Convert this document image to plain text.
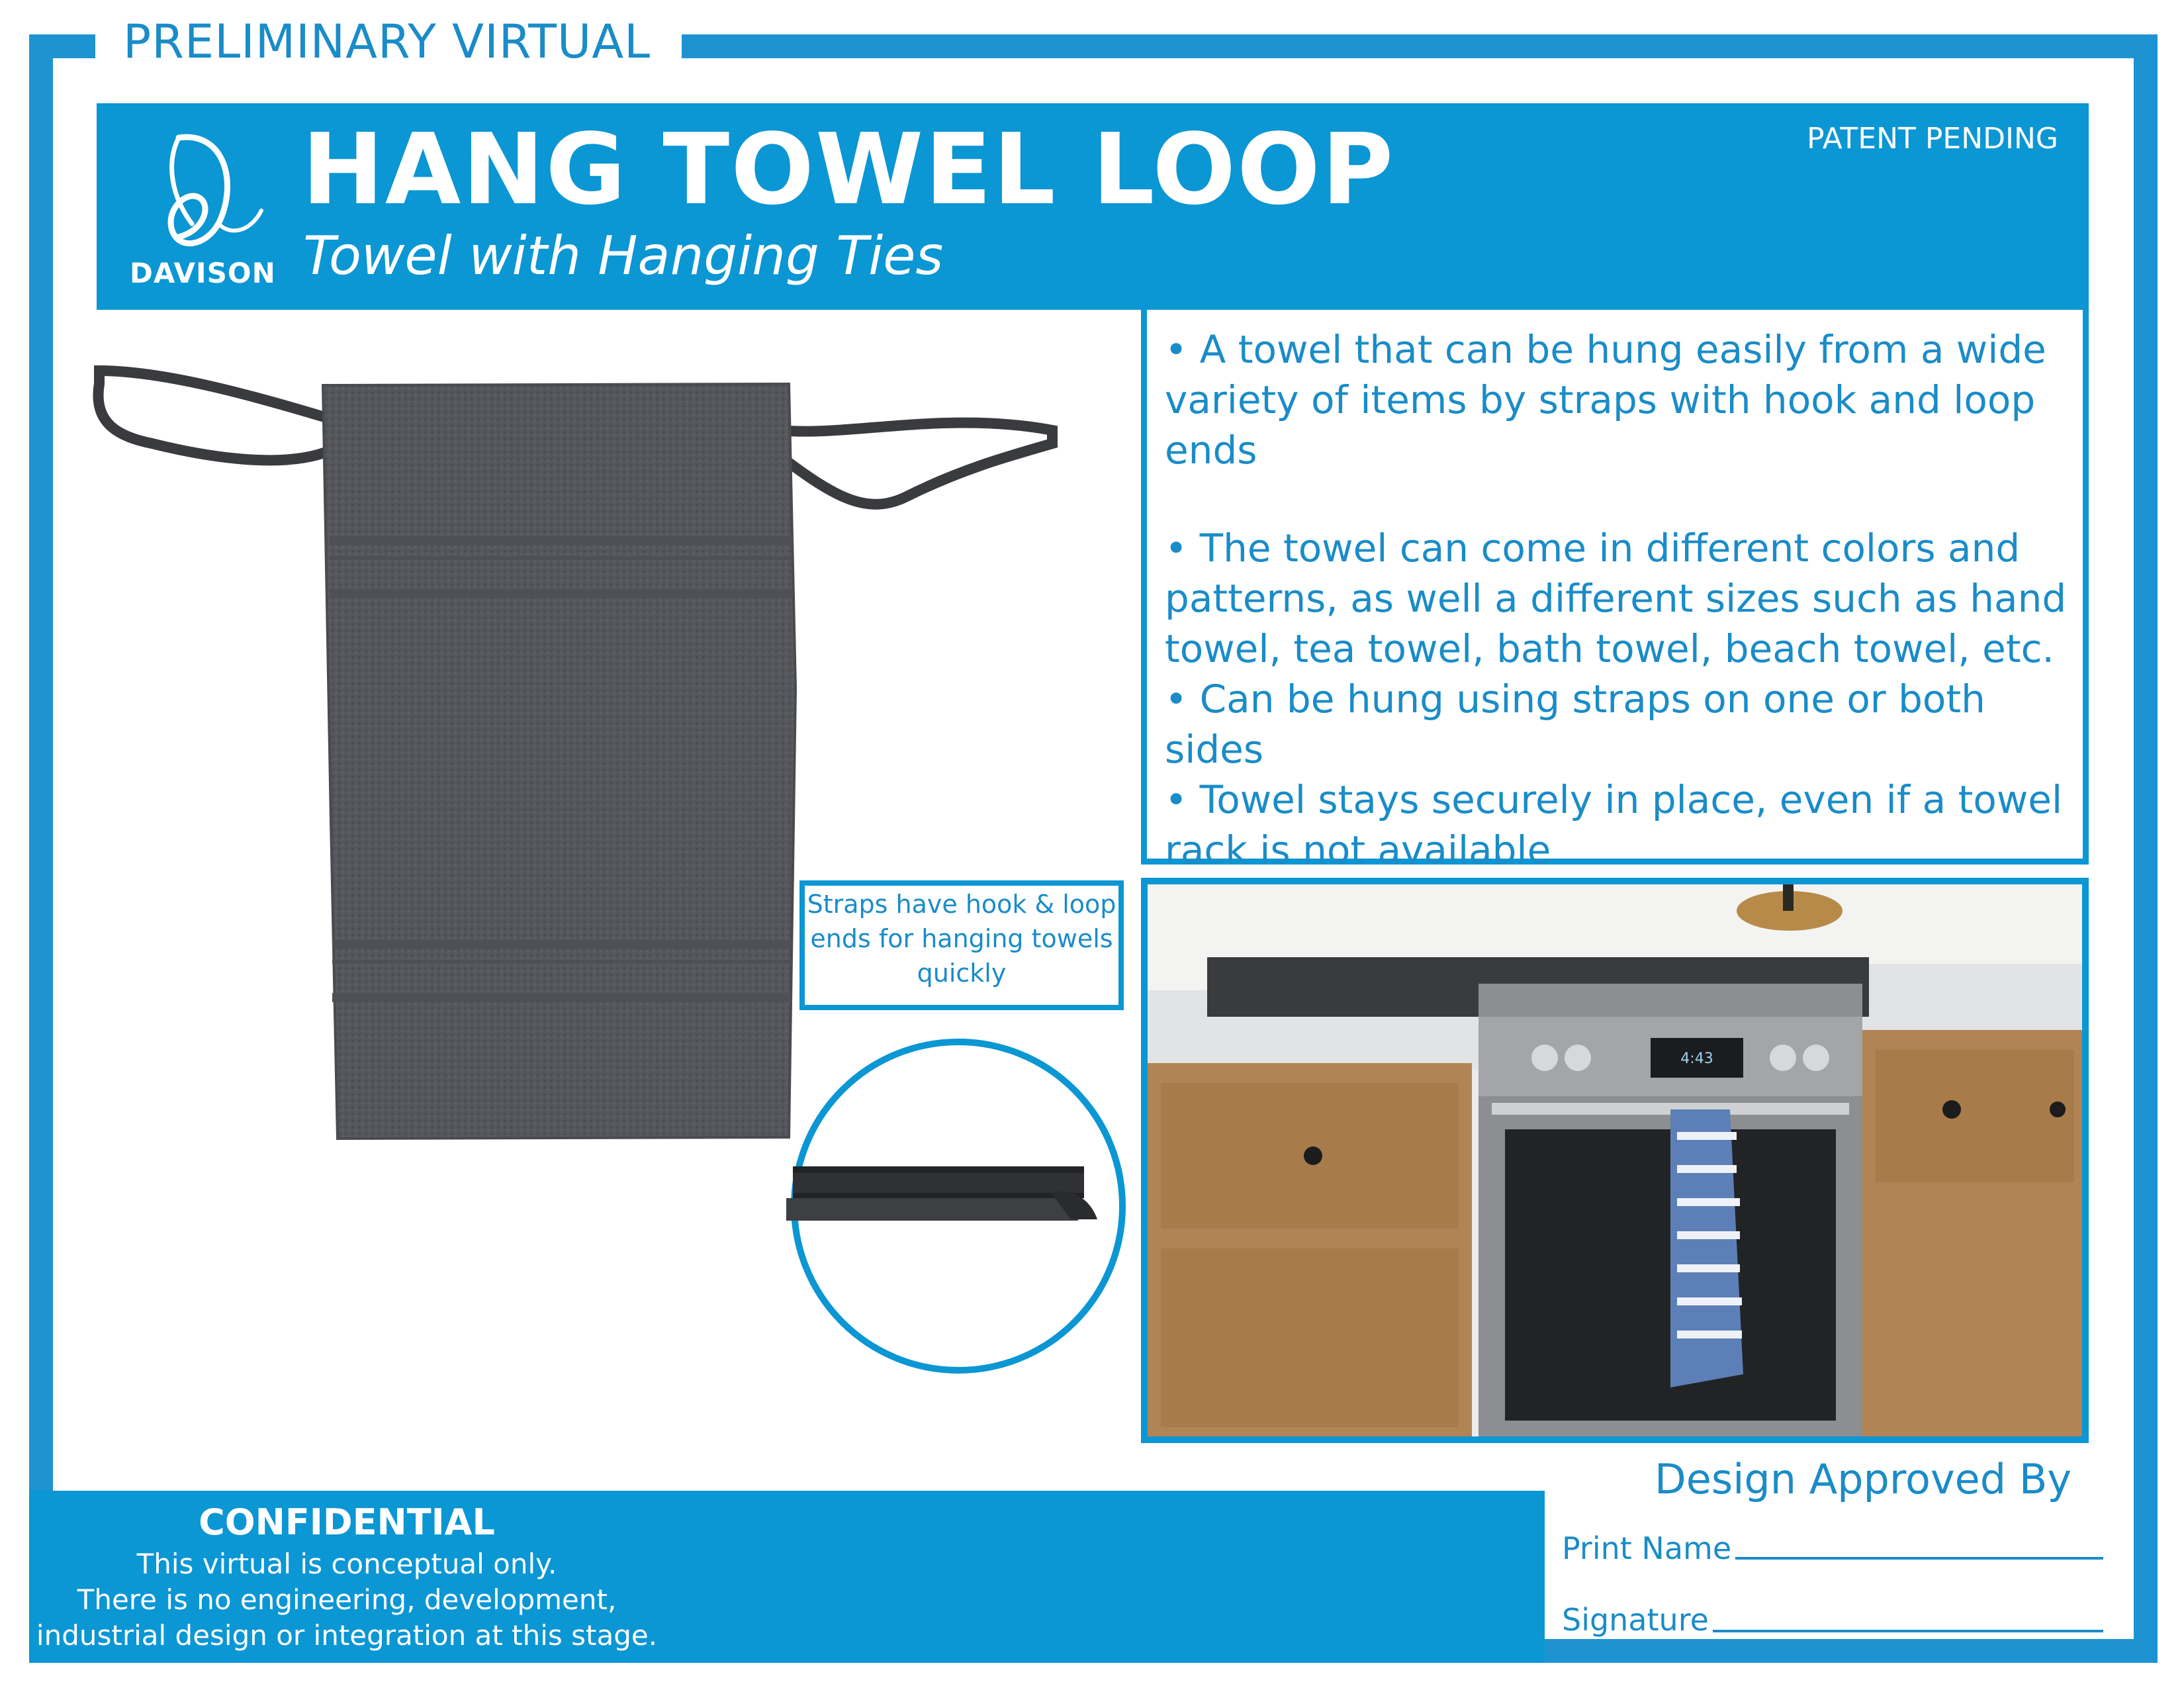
PRELIMINARY VIRTUAL
DAVISON
HANG TOWEL LOOP
Towel with Hanging Ties
PATENT PENDING

• A towel that can be hung easily from a wide variety of items by straps with hook and loop ends

• The towel can come in different colors and patterns, as well a different sizes such as hand towel, tea towel, bath towel, beach towel, etc.

• Can be hung using straps on one or both sides

• Towel stays securely in place, even if a towel rack is not available

Straps have hook & loop ends for hanging towels quickly
4:43
CONFIDENTIAL
This virtual is conceptual only.
There is no engineering, development,
industrial design or integration at this stage.
Design Approved By
Print Name
Signature
